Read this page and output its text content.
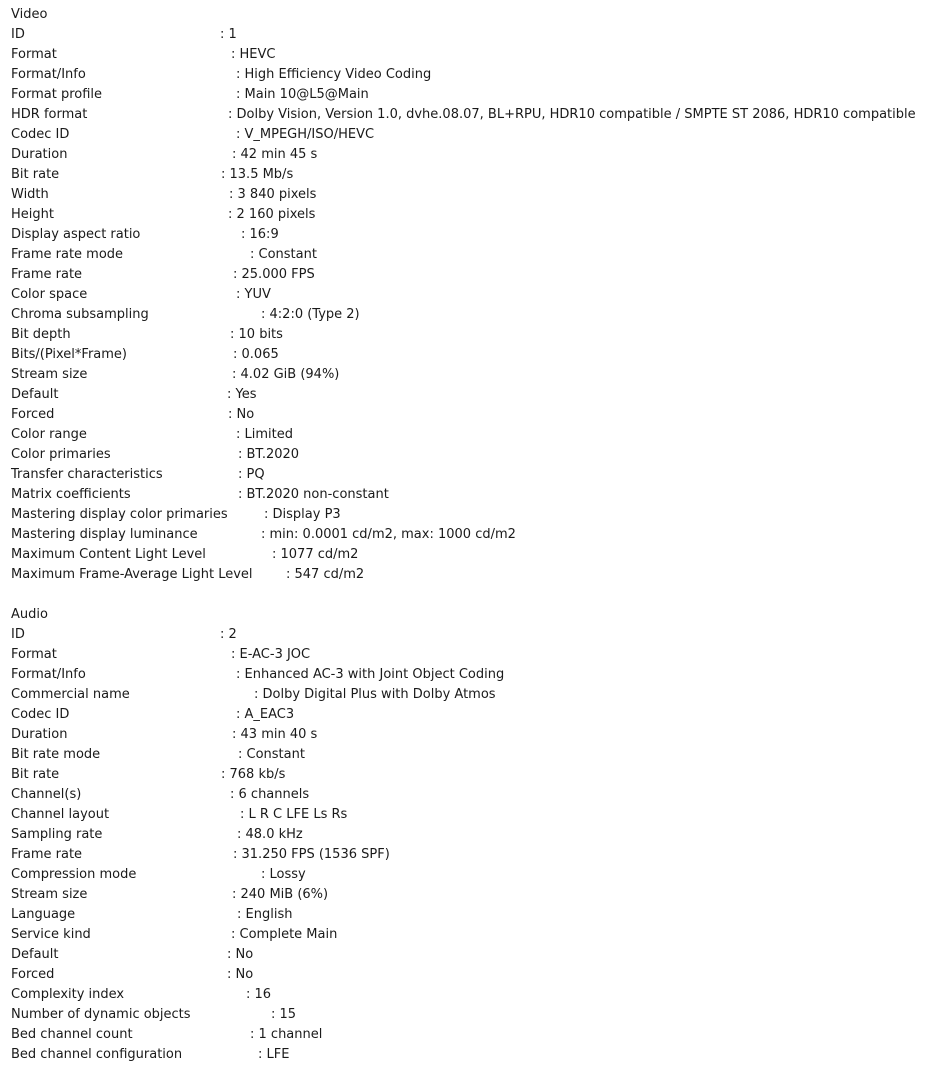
Video
ID	: 1
Format	: HEVC
Format/Info	: High Efficiency Video Coding
Format profile	: Main 10@L5@Main
HDR format	: Dolby Vision, Version 1.0, dvhe.08.07, BL+RPU, HDR10 compatible / SMPTE ST 2086, HDR10 compatible
Codec ID	: V_MPEGH/ISO/HEVC
Duration	: 42 min 45 s
Bit rate	: 13.5 Mb/s
Width	: 3 840 pixels
Height	: 2 160 pixels
Display aspect ratio	: 16:9
Frame rate mode	: Constant
Frame rate	: 25.000 FPS
Color space	: YUV
Chroma subsampling	: 4:2:0 (Type 2)
Bit depth	: 10 bits
Bits/(Pixel*Frame)	: 0.065
Stream size	: 4.02 GiB (94%)
Default	: Yes
Forced	: No
Color range	: Limited
Color primaries	: BT.2020
Transfer characteristics	: PQ
Matrix coefficients	: BT.2020 non-constant
Mastering display color primaries	: Display P3
Mastering display luminance	: min: 0.0001 cd/m2, max: 1000 cd/m2
Maximum Content Light Level	: 1077 cd/m2
Maximum Frame-Average Light Level	: 547 cd/m2
Audio
ID	: 2
Format	: E-AC-3 JOC
Format/Info	: Enhanced AC-3 with Joint Object Coding
Commercial name	: Dolby Digital Plus with Dolby Atmos
Codec ID	: A_EAC3
Duration	: 43 min 40 s
Bit rate mode	: Constant
Bit rate	: 768 kb/s
Channel(s)	: 6 channels
Channel layout	: L R C LFE Ls Rs
Sampling rate	: 48.0 kHz
Frame rate	: 31.250 FPS (1536 SPF)
Compression mode	: Lossy
Stream size	: 240 MiB (6%)
Language	: English
Service kind	: Complete Main
Default	: No
Forced	: No
Complexity index	: 16
Number of dynamic objects	: 15
Bed channel count	: 1 channel
Bed channel configuration	: LFE
